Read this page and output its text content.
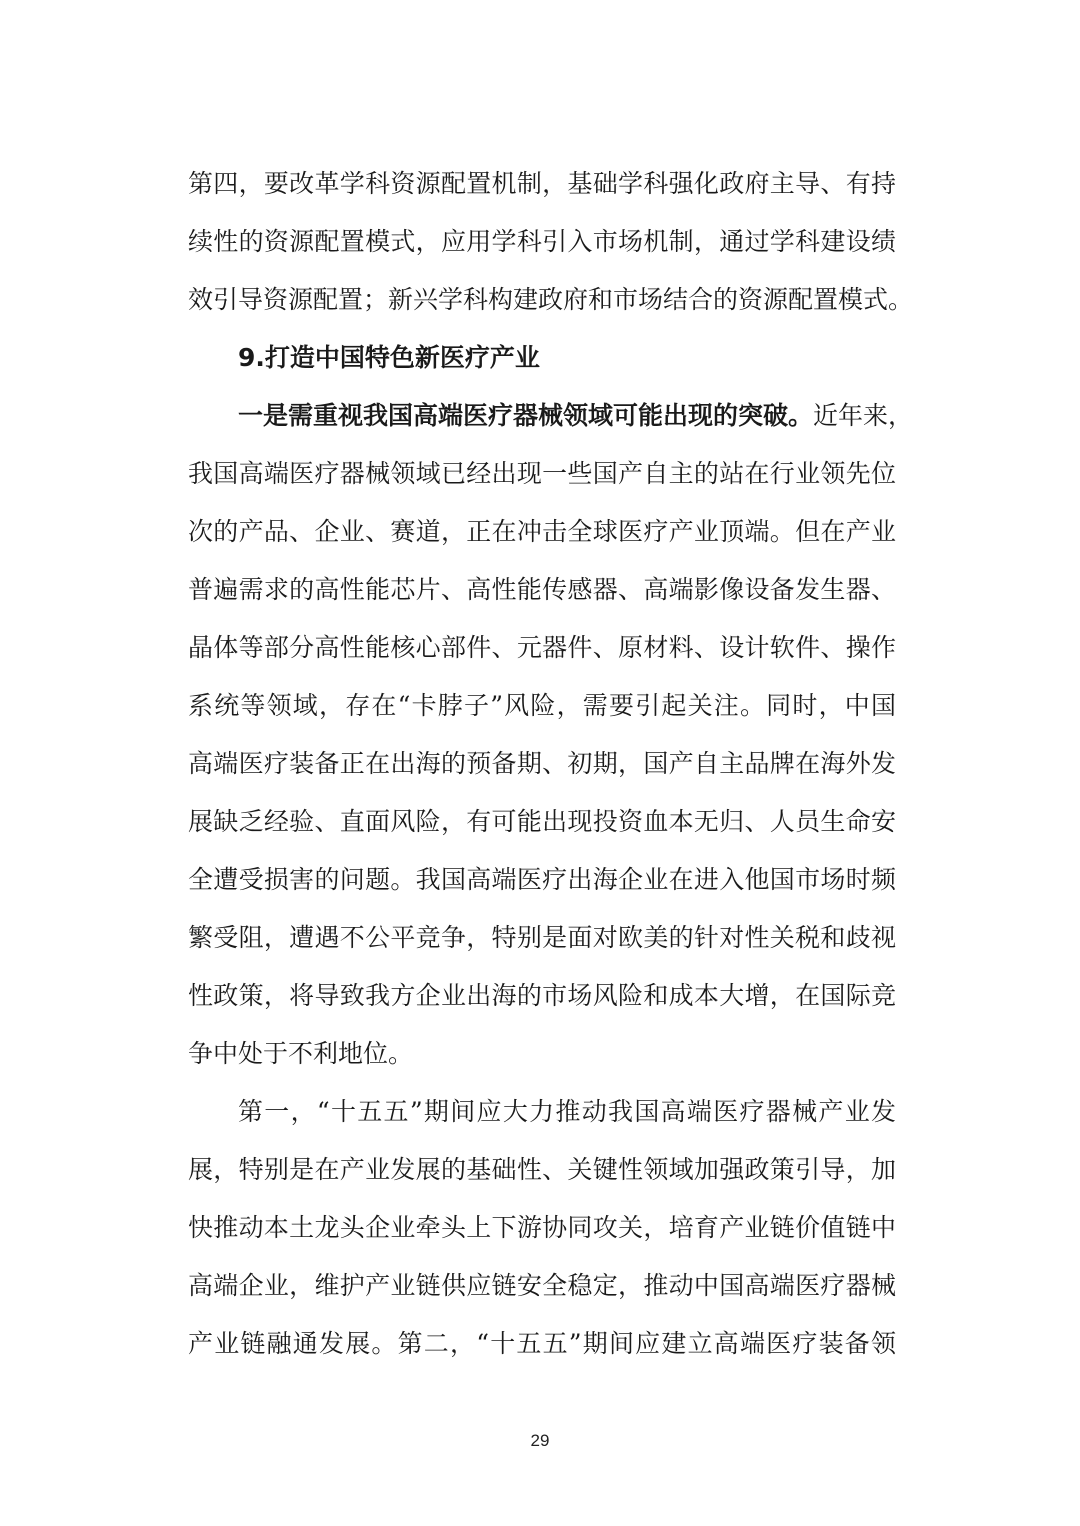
第四，要改革学科资源配置机制，基础学科强化政府主导、有持
续性的资源配置模式，应用学科引入市场机制，通过学科建设绩
效引导资源配置；新兴学科构建政府和市场结合的资源配置模式。
9.打造中国特色新医疗产业
一是需重视我国高端医疗器械领域可能出现的突破。近年来，
我国高端医疗器械领域已经出现一些国产自主的站在行业领先位
次的产品、企业、赛道，正在冲击全球医疗产业顶端。但在产业
普遍需求的高性能芯片、高性能传感器、高端影像设备发生器、
晶体等部分高性能核心部件、元器件、原材料、设计软件、操作
系统等领域，存在“卡脖子”风险，需要引起关注。同时，中国
高端医疗装备正在出海的预备期、初期，国产自主品牌在海外发
展缺乏经验、直面风险，有可能出现投资血本无归、人员生命安
全遭受损害的问题。我国高端医疗出海企业在进入他国市场时频
繁受阻，遭遇不公平竞争，特别是面对欧美的针对性关税和歧视
性政策，将导致我方企业出海的市场风险和成本大增，在国际竞
争中处于不利地位。
第一，“十五五”期间应大力推动我国高端医疗器械产业发
展，特别是在产业发展的基础性、关键性领域加强政策引导，加
快推动本土龙头企业牵头上下游协同攻关，培育产业链价值链中
高端企业，维护产业链供应链安全稳定，推动中国高端医疗器械
产业链融通发展。第二，“十五五”期间应建立高端医疗装备领
29
